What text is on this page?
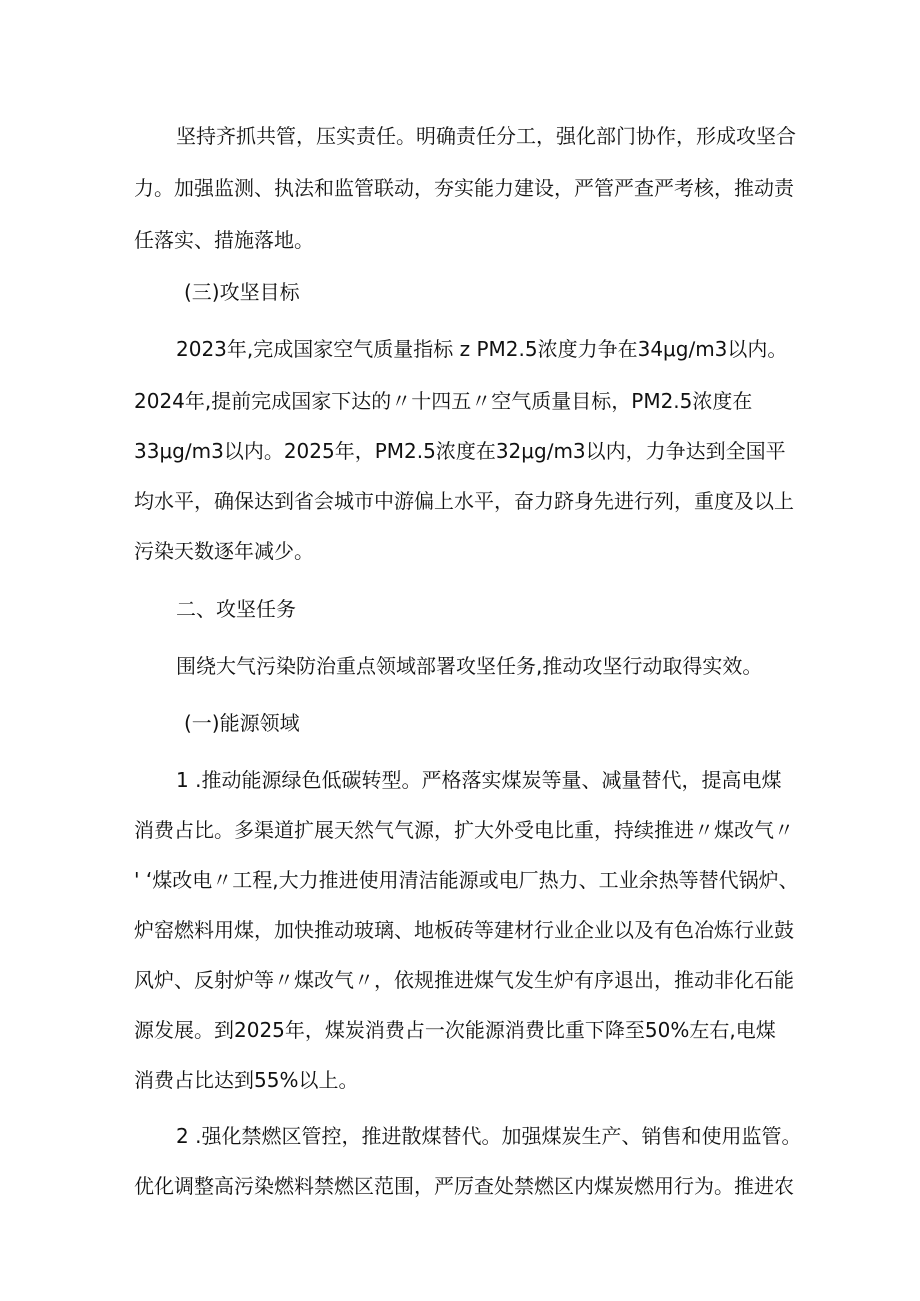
坚持齐抓共管，压实责任。明确责任分工，强化部门协作，形成攻坚合
力。加强监测、执法和监管联动，夯实能力建设，严管严查严考核，推动责
任落实、措施落地。
(三)攻坚目标
2023年,完成国家空气质量指标 z PM2.5浓度力争在34μg∕m3以内。
2024年,提前完成国家下达的〃十四五〃空气质量目标，PM2.5浓度在
33μg∕m3以内。2025年，PM2.5浓度在32μg∕m3以内，力争达到全国平
均水平，确保达到省会城市中游偏上水平，奋力跻身先进行列，重度及以上
污染天数逐年减少。
二、攻坚任务
围绕大气污染防治重点领域部署攻坚任务,推动攻坚行动取得实效。
(一)能源领域
1 .推动能源绿色低碳转型。严格落实煤炭等量、减量替代，提高电煤
消费占比。多渠道扩展天然气气源，扩大外受电比重，持续推进〃煤改气〃
' ‘煤改电〃工程,大力推进使用清洁能源或电厂热力、工业余热等替代锅炉、
炉窑燃料用煤，加快推动玻璃、地板砖等建材行业企业以及有色冶炼行业鼓
风炉、反射炉等〃煤改气〃，依规推进煤气发生炉有序退出，推动非化石能
源发展。到2025年，煤炭消费占一次能源消费比重下降至50%左右,电煤
消费占比达到55%以上。
2 .强化禁燃区管控，推进散煤替代。加强煤炭生产、销售和使用监管。
优化调整高污染燃料禁燃区范围，严厉查处禁燃区内煤炭燃用行为。推进农
